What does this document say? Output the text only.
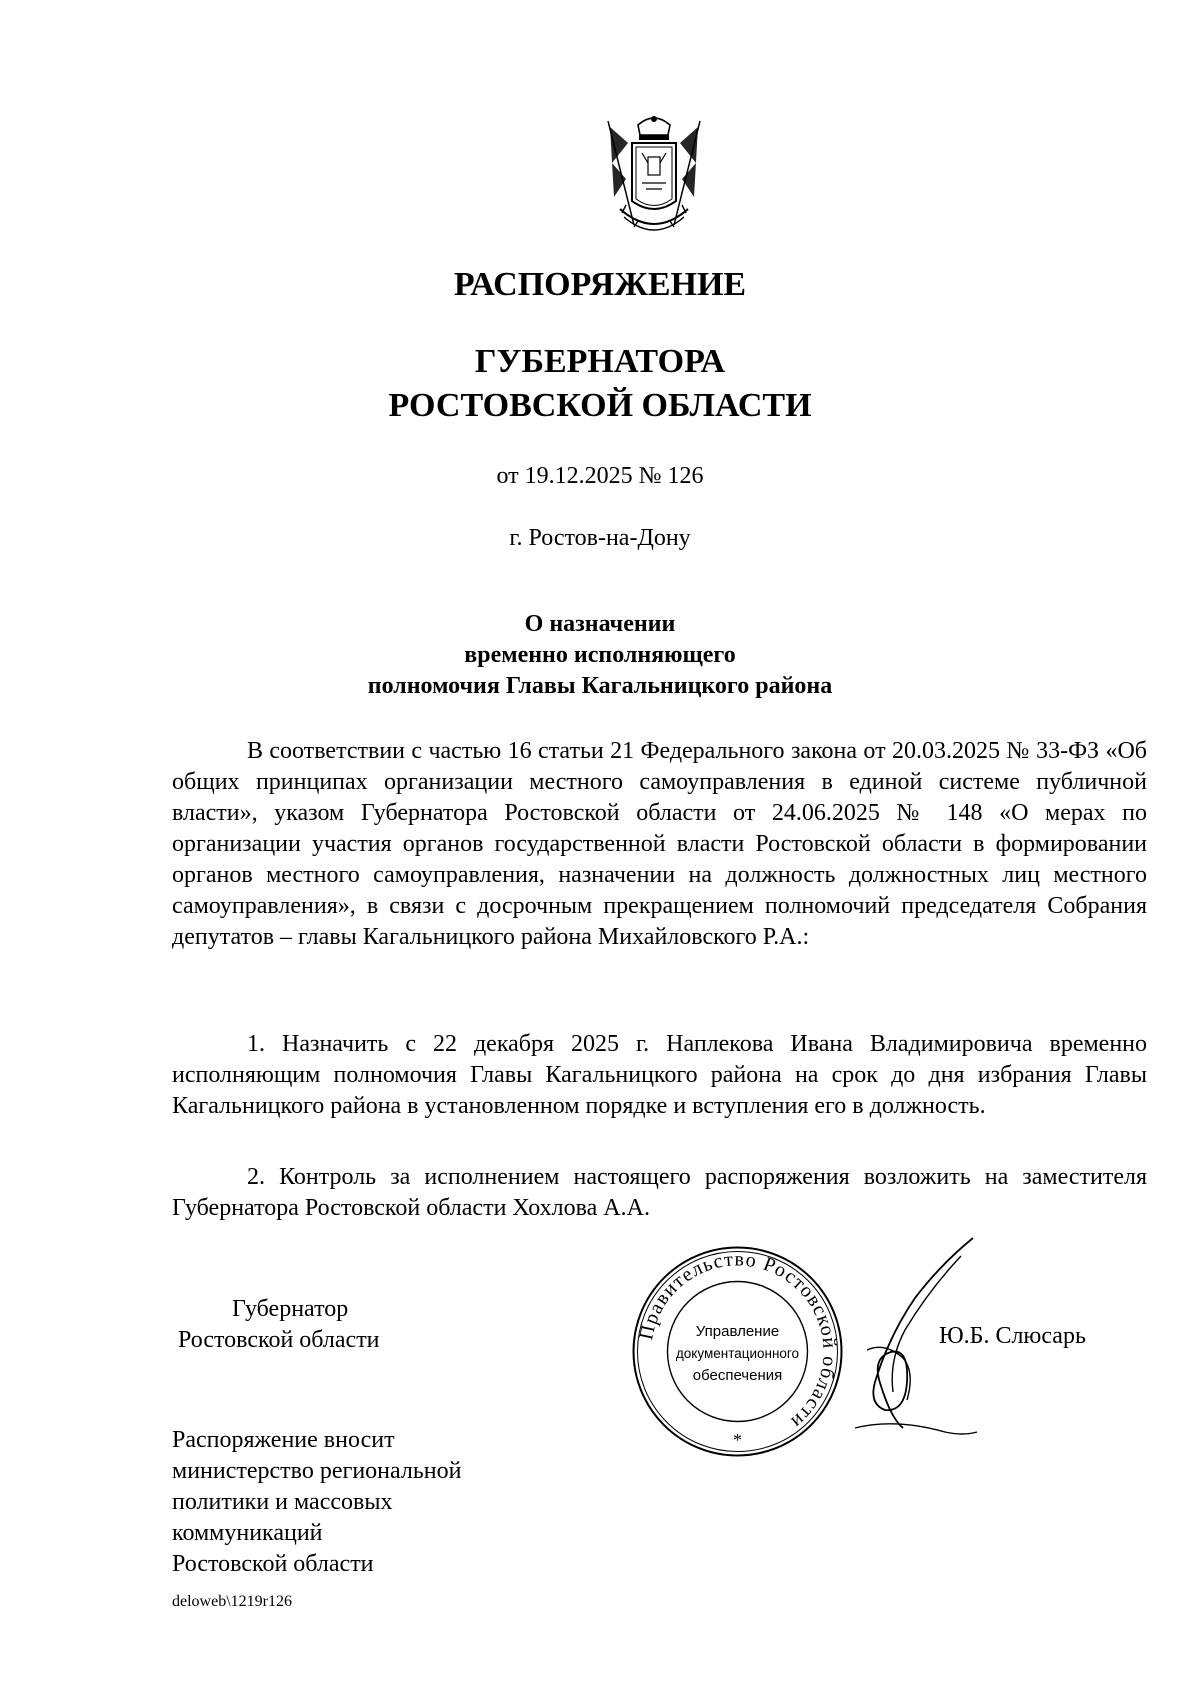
РАСПОРЯЖЕНИЕ
ГУБЕРНАТОРА
РОСТОВСКОЙ ОБЛАСТИ
от 19.12.2025 № 126
г. Ростов-на-Дону
О назначении
временно исполняющего
полномочия Главы Кагальницкого района
В соответствии с частью 16 статьи 21 Федерального закона от 20.03.2025 № 33-ФЗ «Об общих принципах организации местного самоуправления в единой системе публичной власти», указом Губернатора Ростовской области от 24.06.2025 № 148 «О мерах по организации участия органов государственной власти Ростовской области в формировании органов местного самоуправления, назначении на должность должностных лиц местного самоуправления», в связи с досрочным прекращением полномочий председателя Собрания депутатов – главы Кагальницкого района Михайловского Р.А.:
1. Назначить с 22 декабря 2025 г. Наплекова Ивана Владимировича временно исполняющим полномочия Главы Кагальницкого района на срок до дня избрания Главы Кагальницкого района в установленном порядке и вступления его в должность.
2. Контроль за исполнением настоящего распоряжения возложить на заместителя Губернатора Ростовской области Хохлова А.А.
Губернатор
Ростовской области	Правительство Ростовской области
Управление
документационного
обеспечения
*
Ю.Б. Слюсарь
Распоряжение вносит
министерство региональной
политики и массовых
коммуникаций
Ростовской области
deloweb\1219r126
